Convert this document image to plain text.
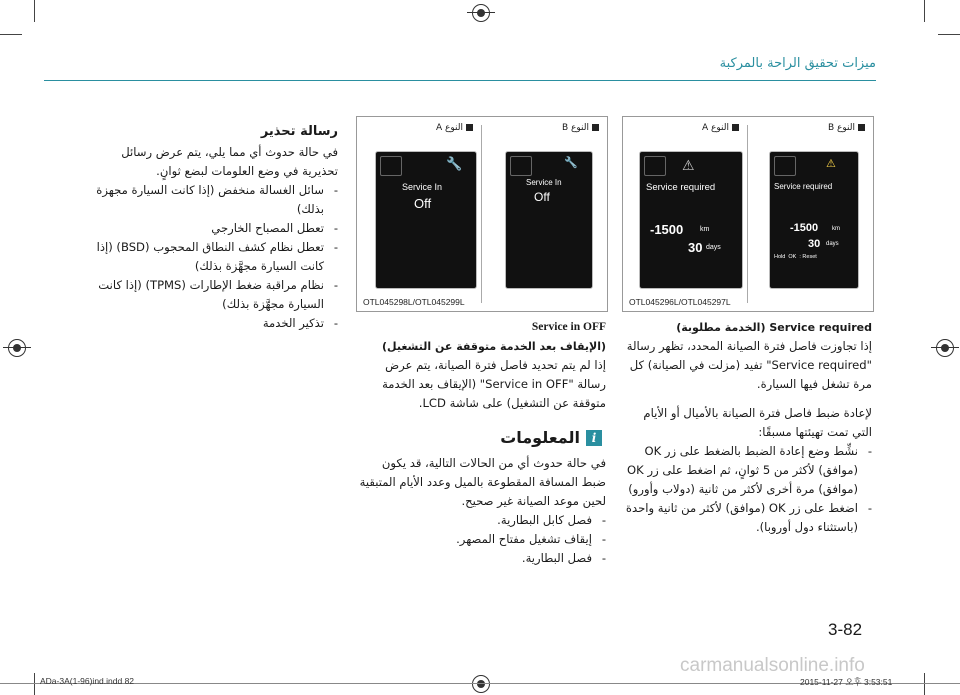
ميزات تحقيق الراحة بالمركبة
النوع B
النوع A
⚠
Service required
-1500 km
30 days
⚠
Service required
-1500 km
30 days
Hold  OK  : Reset
OTL045296L/OTL045297L
النوع B
النوع A
🔧
Service In
Off
🔧
Service In
Off
OTL045298L/OTL045299L

رسالة تحذير

في حالة حدوث أي مما يلي، يتم عرض رسائل تحذيرية في وضع العلومات لبضع ثوانٍ.

- سائل الغسالة منخفض (إذا كانت السيارة مجهزة بذلك)

- تعطل المصباح الخارجي

- تعطل نظام كشف النطاق المحجوب (BSD) (إذا كانت السيارة مجهَّزة بذلك)

- نظام مراقبة ضغط الإطارات (TPMS) (إذا كانت السيارة مجهَّزة بذلك)

- تذكير الخدمة	Service in OFF

(الإيقاف بعد الخدمة متوقفة عن التشغيل)

إذا لم يتم تحديد فاصل فترة الصيانة، يتم عرض رسالة "Service in OFF" (الإيقاف بعد الخدمة متوقفة عن التشغيل) على شاشة LCD.

i
المعلومات

في حالة حدوث أي من الحالات التالية، قد يكون ضبط المسافة المقطوعة بالميل وعدد الأيام المتبقية لحين موعد الصيانة غير صحيح.

- فصل كابل البطارية.

- إيقاف تشغيل مفتاح المصهر.

- فصل البطارية.

Service required (الخدمة مطلوبة)

إذا تجاوزت فاصل فترة الصيانة المحدد، تظهر رسالة "Service required" تفيد (مزلت في الصيانة) كل مرة تشغل فيها السيارة.

لإعادة ضبط فاصل فترة الصيانة بالأميال أو الأيام التي تمت تهيئتها مسبقًا:

- نشِّط وضع إعادة الضبط بالضغط على زر OK (موافق) لأكثر من 5 ثوانٍ، ثم اضغط على زر OK (موافق) مرة أخرى لأكثر من ثانية (دولاب وأورو)

- اضغط على زر OK (موافق) لأكثر من ثانية واحدة (باستثناء دول أوروبا).

3-82
carmanualsonline.info
ADa-3A(1-96)ind.indd 82	2015-11-27 오후 3:53:51
